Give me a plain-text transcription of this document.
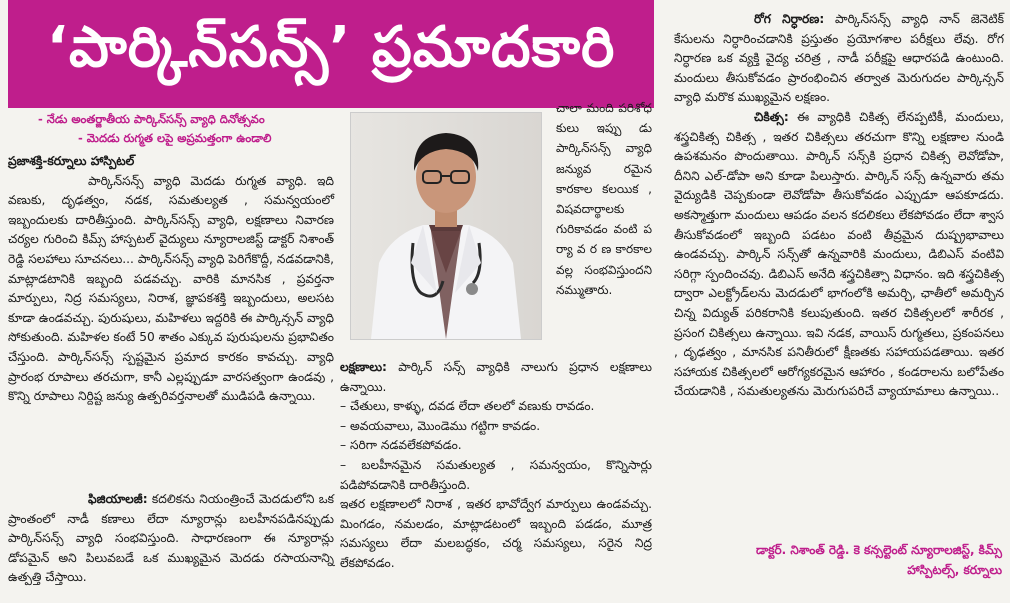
‘పార్కిన్‌సన్స్’ ప్రమాదకారి
- నేడు అంతర్జాతీయ పార్కిన్‌సన్స్‌ వ్యాధి దినోత్సవం
- మెదడు రుగ్మత లపై అప్రమత్తంగా ఉండాలి

ప్రజాశక్తి-కర్నూలు హాస్పిటల్‌

పార్కిన్‌సన్స్‌ వ్యాధి మెదడు రుగ్మత వ్యాధి. ఇది వణుకు, దృఢత్వం, నడక, సమతుల్యత , సమన్వయంలో ఇబ్బందులకు దారితీస్తుంది. పార్కిన్‌సన్స్‌ వ్యాధి, లక్షణాలు నివారణ చర్యల గురించి కిమ్స్‌ హాస్పటల్‌ వైద్యులు న్యూరాలజిస్ట్‌ డాక్టర్‌ నిశాంత్‌ రెడ్డి సలహాలు సూచనలు... పార్కిన్‌సన్స్‌ వ్యాధి పెరిగేకొద్దీ, నడవడానికి, మాట్లాడటానికి ఇబ్బంది పడవచ్చు. వారికి మానసిక , ప్రవర్తనా మార్పులు, నిద్ర సమస్యలు, నిరాశ, జ్ఞాపకశక్తి ఇబ్బందులు, అలసట కూడా ఉండవచ్చు. పురుషులు, మహిళలు ఇద్దరికి ఈ పార్కిన్సన్‌ వ్యాధి సోకుతుంది. మహిళల కంటే 50 శాతం ఎక్కువ పురుషులను ప్రభావితం చేస్తుంది. పార్కిన్‌సన్స్‌ స్పష్టమైన ప్రమాద కారకం కావచ్చు. వ్యాధి ప్రారంభ రూపాలు తరచుగా, కానీ ఎల్లప్పుడూ వారసత్వంగా ఉండవు , కొన్ని రూపాలు నిర్దిష్ట జన్యు ఉత్పరివర్తనాలతో ముడిపడి ఉన్నాయి.

ఫిజియాలజీ: కదలికను నియంత్రించే మెదడులోని ఒక ప్రాంతంలో నాడీ కణాలు లేదా న్యూరాన్లు బలహీనపడినప్పుడు పార్కిన్‌సన్స్‌ వ్యాధి సంభవిస్తుంది. సాధారణంగా ఈ న్యూరాన్లు డోపమైన్‌ అని పిలువబడే ఒక ముఖ్యమైన మెదడు రసాయనాన్ని ఉత్పత్తి చేస్తాయి.

చాలా మంది పరిశోధ కులు ఇప్పు డు పార్కిన్‌సన్స్‌ వ్యాధి జన్యువ రమైన కారకాల కలయిక , విషవదార్థాలకు గురికావడం వంటి ప ర్యా వ ర ణ కారకాల వల్ల సంభవిస్తుందని నమ్ముతారు.

లక్షణాలు: పార్కిన్‌ సన్స్‌ వ్యాధికి నాలుగు ప్రధాన లక్షణాలు ఉన్నాయి.

– చేతులు, కాళ్ళు, దవడ లేదా తలలో వణుకు రావడం.

– అవయవాలు, మొండెము గట్టిగా కావడం.

– సరిగా నడవలేకపోవడం.

– బలహీనమైన సమతుల్యత , సమన్వయం, కొన్నిసార్లు పడిపోవడానికి దారితీస్తుంది.

ఇతర లక్షణాలలో నిరాశ , ఇతర భావోద్వేగ మార్పులు ఉండవచ్చు. మింగడం, నమలడం, మాట్లాడటంలో ఇబ్బంది పడడం, మూత్ర సమస్యలు లేదా మలబద్ధకం, చర్మ సమస్యలు, సరైన నిద్ర లేకపోవడం.

రోగ నిర్ధారణ: పార్కిన్‌సన్స్‌ వ్యాధి నాన్‌ జెనెటిక్‌ కేసులను నిర్ధారించడానికి ప్రస్తుతం ప్రయోగశాల పరీక్షలు లేవు. రోగ నిర్ధారణ ఒక వ్యక్తి వైద్య చరిత్ర , నాడీ పరీక్షపై ఆధారపడి ఉంటుంది. మందులు తీసుకోవడం ప్రారంభించిన తర్వాత మెరుగుదల పార్కిన్సన్‌ వ్యాధి మరొక ముఖ్యమైన లక్షణం.

చికిత్స: ఈ వ్యాధికి చికిత్స లేనప్పటికీ, మందులు, శస్త్రచికిత్స చికిత్స , ఇతర చికిత్సలు తరచుగా కొన్ని లక్షణాల నుండి ఉపశమనం పొందుతాయి. పార్కిన్‌ సన్స్‌కి ప్రధాన చికిత్స లెవోడోపా, దీనిని ఎల్‌-డోపా అని కూడా పిలుస్తారు. పార్కిన్‌ సన్స్‌ ఉన్నవారు తమ వైద్యుడికి చెప్పకుండా లెవోడోపా తీసుకోవడం ఎప్పుడూ ఆపకూడదు. అకస్మాత్తుగా మందులు ఆపడం వలన కదలికలు లేకపోవడం లేదా శ్వాస తీసుకోవడంలో ఇబ్బంది పడటం వంటి తీవ్రమైన దుష్ప్రభావాలు ఉండవచ్చు. పార్కిన్‌ సన్స్‌తో ఉన్నవారికి మందులు, డిబిఎస్‌ వంటివి సరిగ్గా స్పందించవు. డిబిఎస్‌ అనేది శస్త్రచికిత్సా విధానం. ఇది శస్త్రచికిత్స ద్వారా ఎలక్ట్రోడ్‌లను మెదడులో భాగంలోకి అమర్చి, ఛాతీలో అమర్చిన చిన్న విద్యుత్‌ పరికరానికి కలుపుతుంది. ఇతర చికిత్సలలో శారీరక , ప్రసంగ చికిత్సలు ఉన్నాయి. ఇవి నడక, వాయిస్‌ రుగ్మతలు, ప్రకంపనలు , దృఢత్వం , మానసిక పనితీరులో క్షీణతకు సహాయపడతాయి. ఇతర సహాయక చికిత్సలలో ఆరోగ్యకరమైన ఆహారం , కండరాలను బలోపేతం చేయడానికి , సమతుల్యతను మెరుగుపరిచే వ్యాయామాలు ఉన్నాయి..

డాక్టర్‌. నిశాంత్‌ రెడ్డి. కె కన్సల్టెంట్‌ న్యూరాలజిస్ట్‌, కిమ్స్‌ హాస్పిటల్స్‌, కర్నూలు
